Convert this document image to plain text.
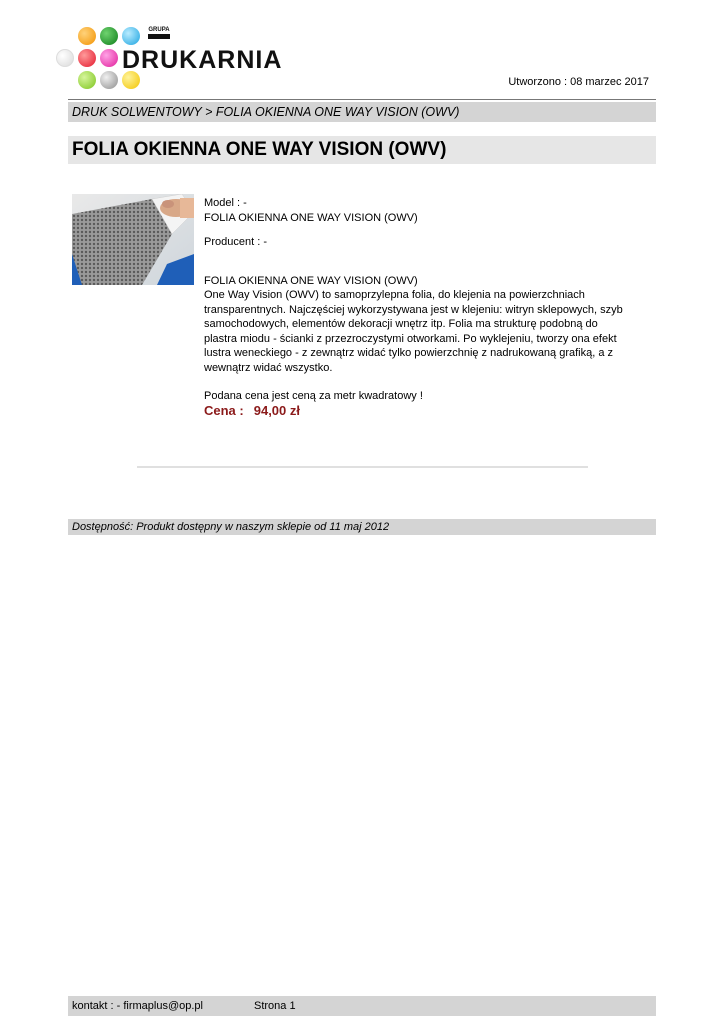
GRUPA
DRUKARNIA
Utworzono : 08 marzec 2017
DRUK SOLWENTOWY > FOLIA OKIENNA ONE WAY VISION (OWV)
FOLIA OKIENNA ONE WAY VISION (OWV)

Model : -

FOLIA OKIENNA ONE WAY VISION (OWV)

Producent : -

FOLIA OKIENNA ONE WAY VISION (OWV)

One Way Vision (OWV) to samoprzylepna folia, do klejenia na powierzchniach transparentnych. Najczęściej wykorzystywana jest w klejeniu: witryn sklepowych, szyb samochodowych, elementów dekoracji wnętrz itp. Folia ma strukturę podobną do plastra miodu - ścianki z przezroczystymi otworkami. Po wyklejeniu, tworzy ona efekt lustra weneckiego - z zewnątrz widać tylko powierzchnię z nadrukowaną grafiką, a z wewnątrz widać wszystko.

Podana cena jest ceną za metr kwadratowy !

Cena : 94,00 zł

Dostępność: Produkt dostępny w naszym sklepie od 11 maj 2012
kontakt : - firmaplus@op.pl	Strona 1
